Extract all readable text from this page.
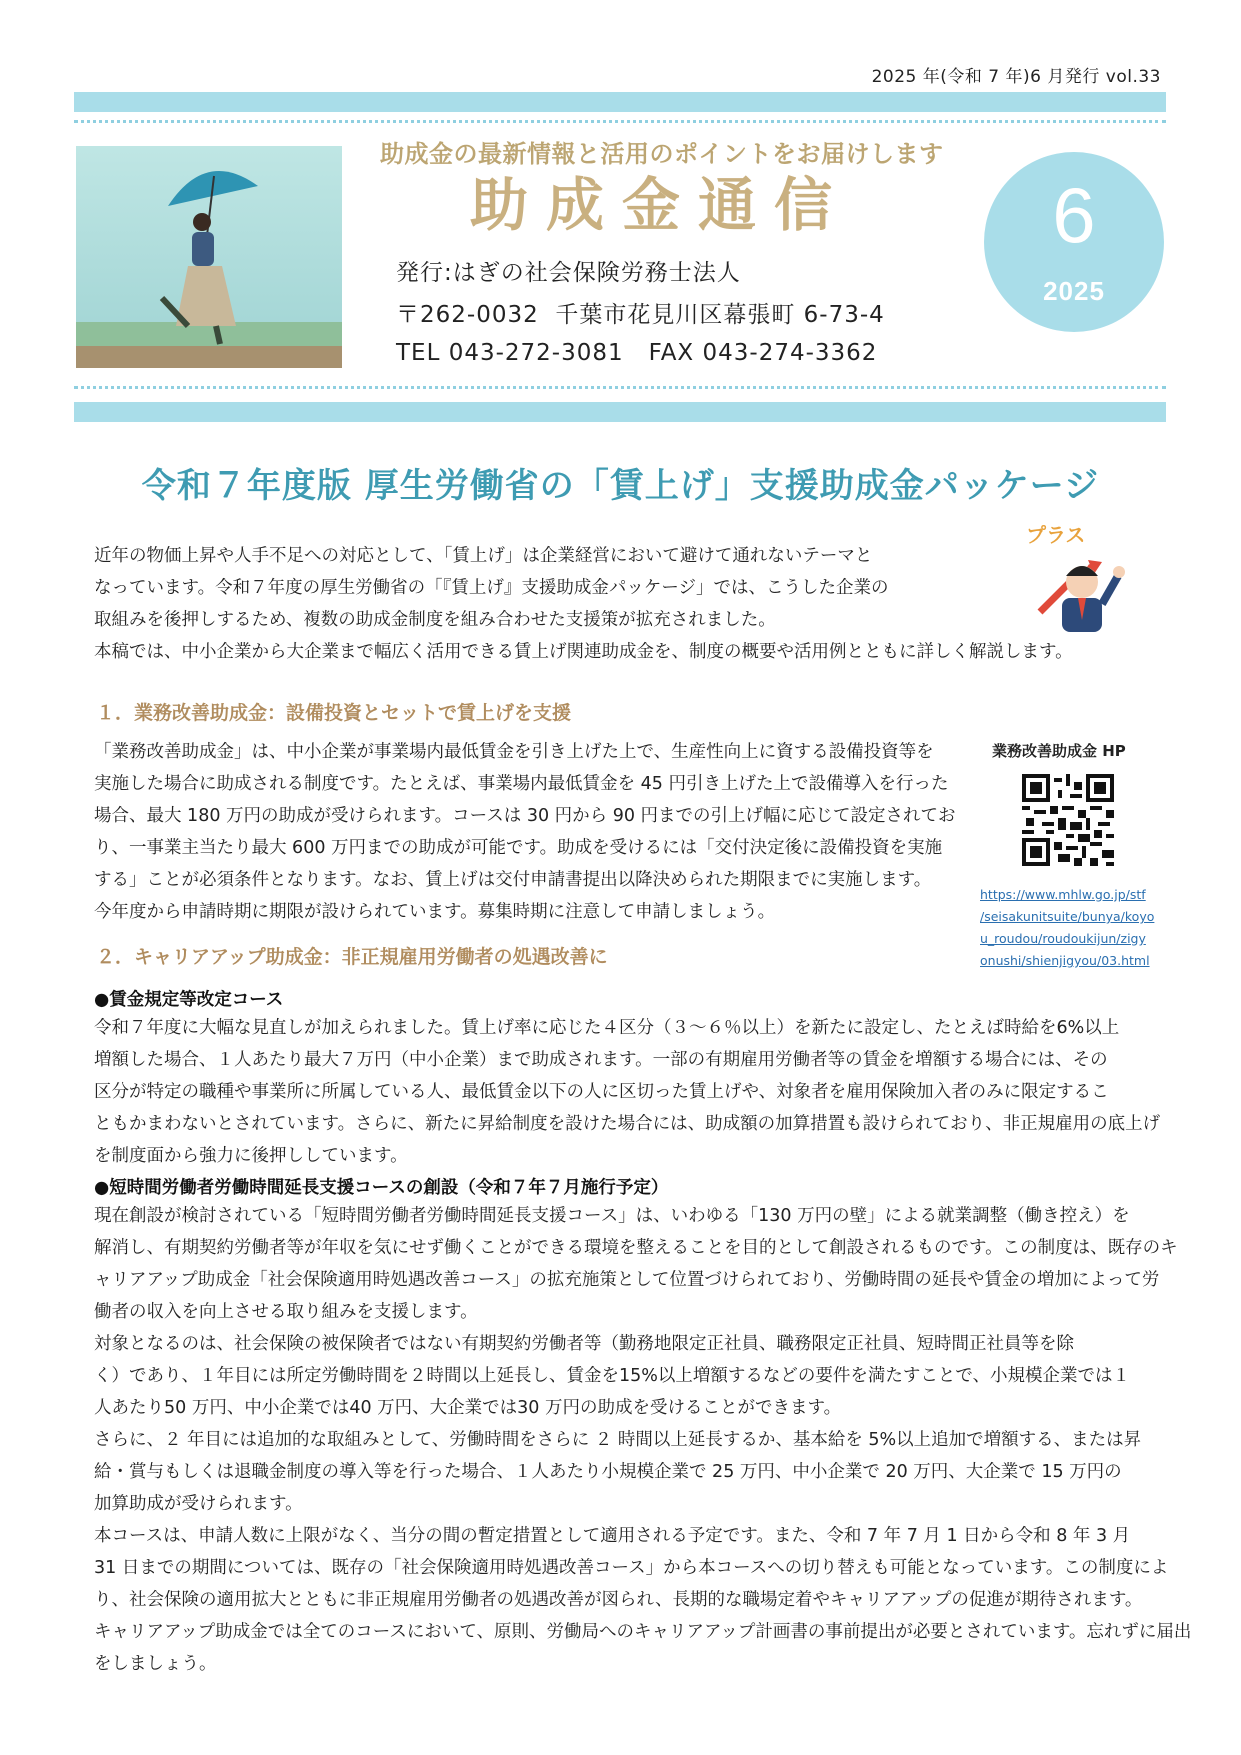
2025 年(令和 7 年)6 月発行 vol.33
助成金の最新情報と活用のポイントをお届けします
助成金通信
発行:はぎの社会保険労務士法人
〒262-0032  千葉市花見川区幕張町 6-73-4
TEL 043-272-3081   FAX 043-274-3362
6
2025
令和７年度版 厚生労働省の「賃上げ」支援助成金パッケージ
プラス
近年の物価上昇や人手不足への対応として、「賃上げ」は企業経営において避けて通れないテーマと
なっています。令和７年度の厚生労働省の「『賃上げ』支援助成金パッケージ」では、こうした企業の
取組みを後押しするため、複数の助成金制度を組み合わせた支援策が拡充されました。
本稿では、中小企業から大企業まで幅広く活用できる賃上げ関連助成金を、制度の概要や活用例とともに詳しく解説します。
１．業務改善助成金：設備投資とセットで賃上げを支援
「業務改善助成金」は、中小企業が事業場内最低賃金を引き上げた上で、生産性向上に資する設備投資等を
実施した場合に助成される制度です。たとえば、事業場内最低賃金を 45 円引き上げた上で設備導入を行った
場合、最大 180 万円の助成が受けられます。コースは 30 円から 90 円までの引上げ幅に応じて設定されてお
り、一事業主当たり最大 600 万円までの助成が可能です。助成を受けるには「交付決定後に設備投資を実施
する」ことが必須条件となります。なお、賃上げは交付申請書提出以降決められた期限までに実施します。
今年度から申請時期に期限が設けられています。募集時期に注意して申請しましょう。
業務改善助成金 HP
https://www.mhlw.go.jp/stf
/seisakunitsuite/bunya/koyo
u_roudou/roudoukijun/zigy
onushi/shienjigyou/03.html
２．キャリアアップ助成金：非正規雇用労働者の処遇改善に
●賃金規定等改定コース
令和７年度に大幅な見直しが加えられました。賃上げ率に応じた４区分（３～６％以上）を新たに設定し、たとえば時給を6%以上
増額した場合、１人あたり最大７万円（中小企業）まで助成されます。一部の有期雇用労働者等の賃金を増額する場合には、その
区分が特定の職種や事業所に所属している人、最低賃金以下の人に区切った賃上げや、対象者を雇用保険加入者のみに限定するこ
ともかまわないとされています。さらに、新たに昇給制度を設けた場合には、助成額の加算措置も設けられており、非正規雇用の底上げ
を制度面から強力に後押ししています。
●短時間労働者労働時間延長支援コースの創設（令和７年７月施行予定）
現在創設が検討されている「短時間労働者労働時間延長支援コース」は、いわゆる「130 万円の壁」による就業調整（働き控え）を
解消し、有期契約労働者等が年収を気にせず働くことができる環境を整えることを目的として創設されるものです。この制度は、既存のキ
ャリアアップ助成金「社会保険適用時処遇改善コース」の拡充施策として位置づけられており、労働時間の延長や賃金の増加によって労
働者の収入を向上させる取り組みを支援します。
対象となるのは、社会保険の被保険者ではない有期契約労働者等（勤務地限定正社員、職務限定正社員、短時間正社員等を除
く）であり、１年目には所定労働時間を２時間以上延長し、賃金を15%以上増額するなどの要件を満たすことで、小規模企業では１
人あたり50 万円、中小企業では40 万円、大企業では30 万円の助成を受けることができます。
さらに、２ 年目には追加的な取組みとして、労働時間をさらに ２ 時間以上延長するか、基本給を 5%以上追加で増額する、または昇
給・賞与もしくは退職金制度の導入等を行った場合、１人あたり小規模企業で 25 万円、中小企業で 20 万円、大企業で 15 万円の
加算助成が受けられます。
本コースは、申請人数に上限がなく、当分の間の暫定措置として適用される予定です。また、令和 7 年 7 月 1 日から令和 8 年 3 月
31 日までの期間については、既存の「社会保険適用時処遇改善コース」から本コースへの切り替えも可能となっています。この制度によ
り、社会保険の適用拡大とともに非正規雇用労働者の処遇改善が図られ、長期的な職場定着やキャリアアップの促進が期待されます。
キャリアアップ助成金では全てのコースにおいて、原則、労働局へのキャリアアップ計画書の事前提出が必要とされています。忘れずに届出
をしましょう。
